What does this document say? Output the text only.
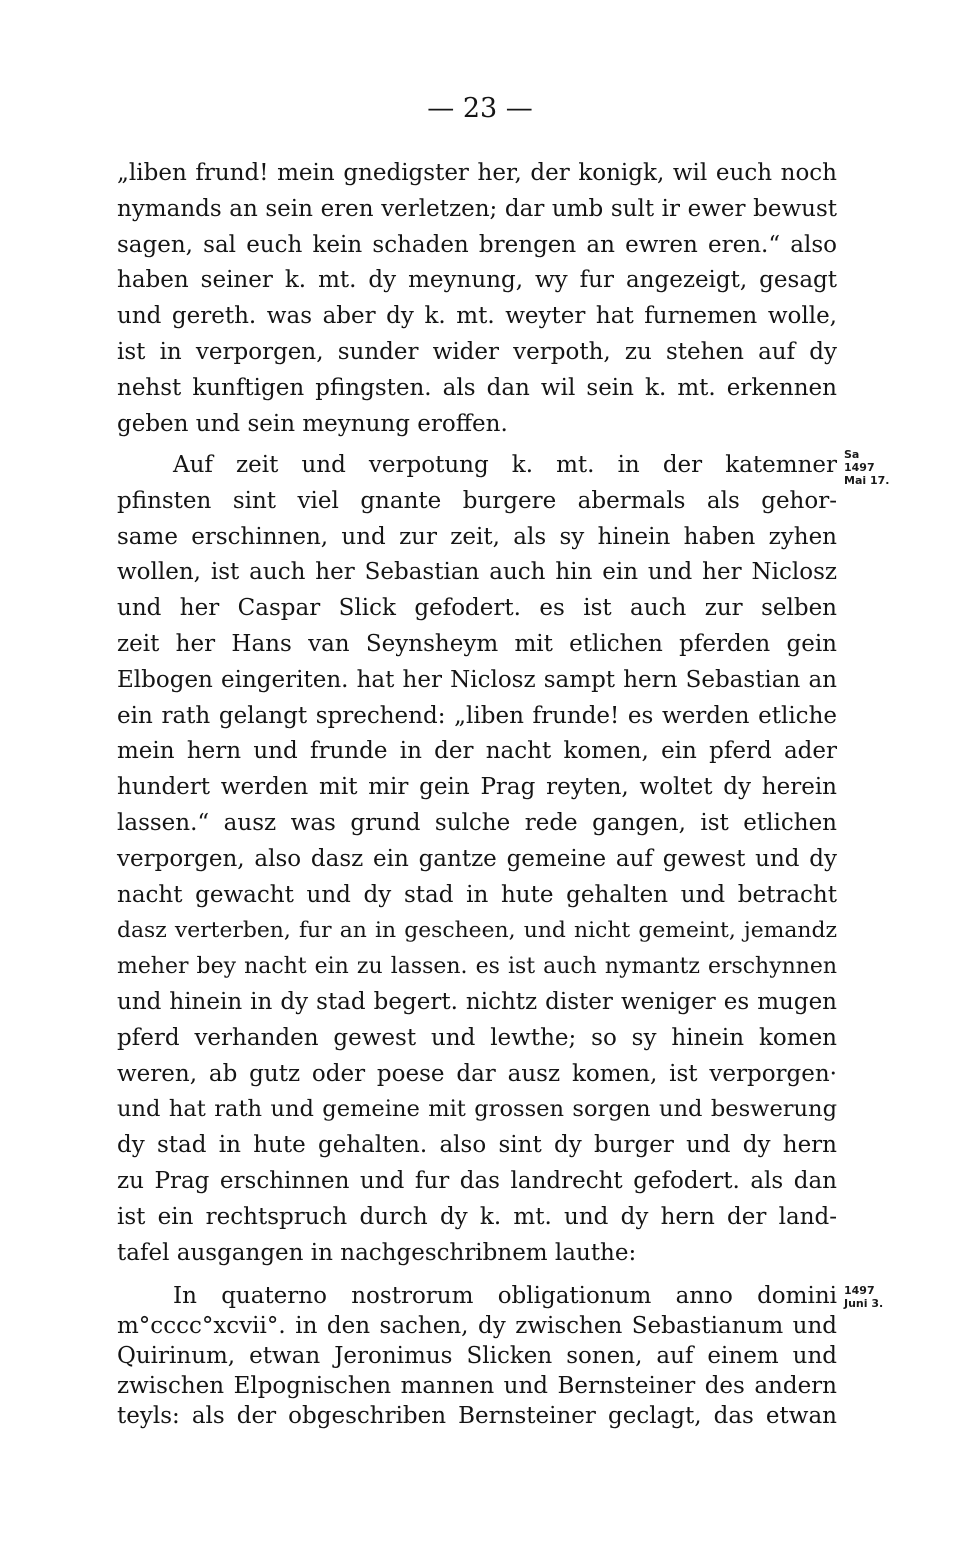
— 23 —
„liben frund! mein gnedigster her, der konigk, wil euch noch
nymands an sein eren verletzen; dar umb sult ir ewer bewust
sagen, sal euch kein schaden brengen an ewren eren.“ also
haben seiner k. mt. dy meynung, wy fur angezeigt, gesagt
und gereth. was aber dy k. mt. weyter hat furnemen wolle,
ist in verporgen, sunder wider verpoth, zu stehen auf dy
nehst kunftigen pfingsten. als dan wil sein k. mt. erkennen
geben und sein meynung eroffen.
Auf zeit und verpotung k. mt. in der katemner
pfinsten sint viel gnante burgere abermals als gehor-
same erschinnen, und zur zeit, als sy hinein haben zyhen
wollen, ist auch her Sebastian auch hin ein und her Niclosz
und her Caspar Slick gefodert. es ist auch zur selben
zeit her Hans van Seynsheym mit etlichen pferden gein
Elbogen eingeriten. hat her Niclosz sampt hern Sebastian an
ein rath gelangt sprechend: „liben frunde! es werden etliche
mein hern und frunde in der nacht komen, ein pferd ader
hundert werden mit mir gein Prag reyten, woltet dy herein
lassen.“ ausz was grund sulche rede gangen, ist etlichen
verporgen, also dasz ein gantze gemeine auf gewest und dy
nacht gewacht und dy stad in hute gehalten und betracht
dasz verterben, fur an in gescheen, und nicht gemeint, jemandz
meher bey nacht ein zu lassen. es ist auch nymantz erschynnen
und hinein in dy stad begert. nichtz dister weniger es mugen
pferd verhanden gewest und lewthe; so sy hinein komen
weren, ab gutz oder poese dar ausz komen, ist verporgen·
und hat rath und gemeine mit grossen sorgen und beswerung
dy stad in hute gehalten. also sint dy burger und dy hern
zu Prag erschinnen und fur das landrecht gefodert. als dan
ist ein rechtspruch durch dy k. mt. und dy hern der land-
tafel ausgangen in nachgeschribnem lauthe:
In quaterno nostrorum obligationum anno domini
m°cccc°xcvii°. in den sachen, dy zwischen Sebastianum und
Quirinum, etwan Jeronimus Slicken sonen, auf einem und
zwischen Elpognischen mannen und Bernsteiner des andern
teyls: als der obgeschriben Bernsteiner geclagt, das etwan
Sa
1497
Mai 17.
1497
Juni 3.
